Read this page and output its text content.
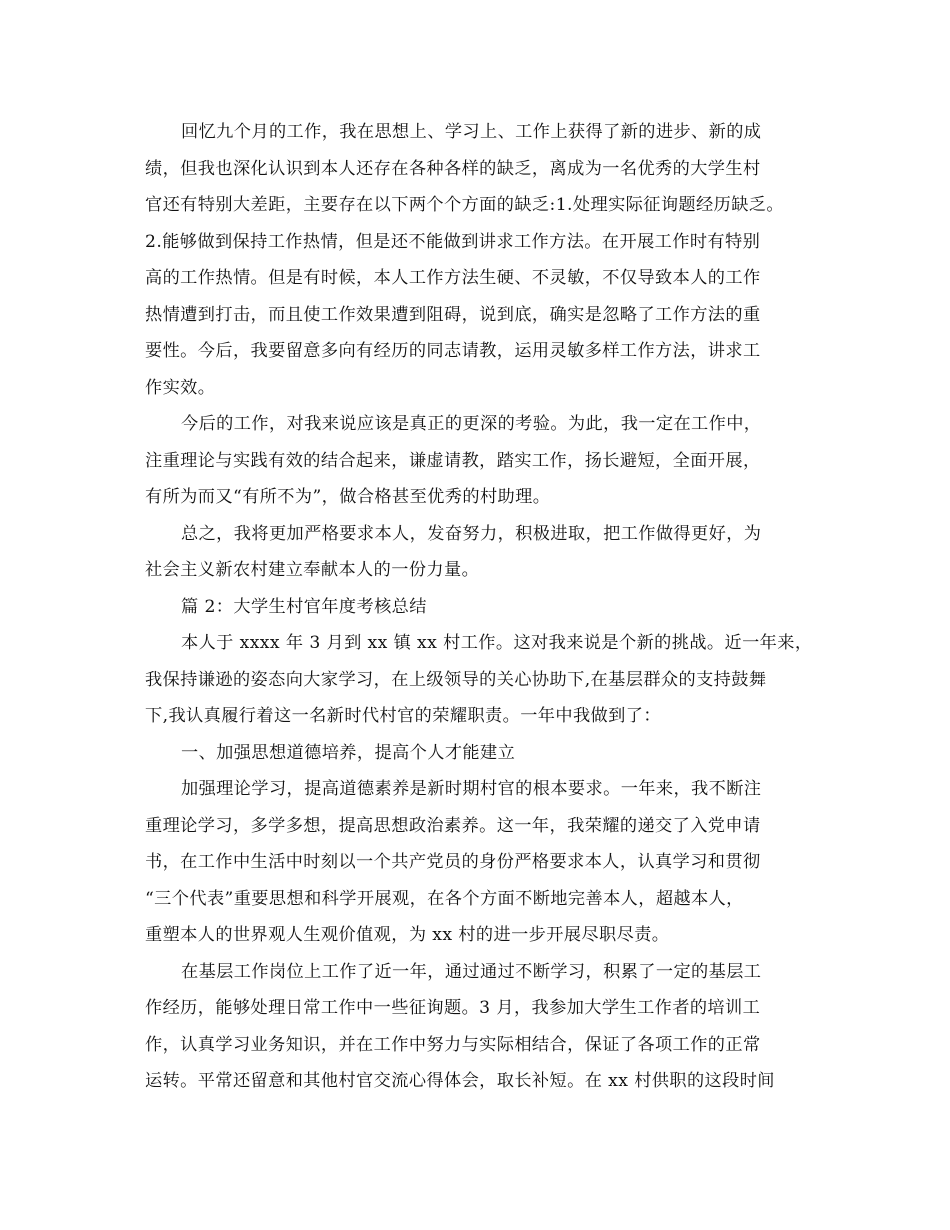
回忆九个月的工作，我在思想上、学习上、工作上获得了新的进步、新的成
绩，但我也深化认识到本人还存在各种各样的缺乏，离成为一名优秀的大学生村
官还有特别大差距，主要存在以下两个个方面的缺乏:1.处理实际征询题经历缺乏。
2.能够做到保持工作热情，但是还不能做到讲求工作方法。在开展工作时有特别
高的工作热情。但是有时候，本人工作方法生硬、不灵敏，不仅导致本人的工作
热情遭到打击，而且使工作效果遭到阻碍，说到底，确实是忽略了工作方法的重
要性。今后，我要留意多向有经历的同志请教，运用灵敏多样工作方法，讲求工
作实效。
今后的工作，对我来说应该是真正的更深的考验。为此，我一定在工作中，
注重理论与实践有效的结合起来，谦虚请教，踏实工作，扬长避短，全面开展，
有所为而又“有所不为”，做合格甚至优秀的村助理。
总之，我将更加严格要求本人，发奋努力，积极进取，把工作做得更好，为
社会主义新农村建立奉献本人的一份力量。
篇 2：大学生村官年度考核总结
本人于 xxxx 年 3 月到 xx 镇 xx 村工作。这对我来说是个新的挑战。近一年来，
我保持谦逊的姿态向大家学习，在上级领导的关心协助下,在基层群众的支持鼓舞
下,我认真履行着这一名新时代村官的荣耀职责。一年中我做到了：
一、加强思想道德培养，提高个人才能建立
加强理论学习，提高道德素养是新时期村官的根本要求。一年来，我不断注
重理论学习，多学多想，提高思想政治素养。这一年，我荣耀的递交了入党申请
书，在工作中生活中时刻以一个共产党员的身份严格要求本人，认真学习和贯彻
“三个代表”重要思想和科学开展观，在各个方面不断地完善本人，超越本人，
重塑本人的世界观人生观价值观，为 xx 村的进一步开展尽职尽责。
在基层工作岗位上工作了近一年，通过通过不断学习，积累了一定的基层工
作经历，能够处理日常工作中一些征询题。3 月，我参加大学生工作者的培训工
作，认真学习业务知识，并在工作中努力与实际相结合，保证了各项工作的正常
运转。平常还留意和其他村官交流心得体会，取长补短。在 xx 村供职的这段时间
